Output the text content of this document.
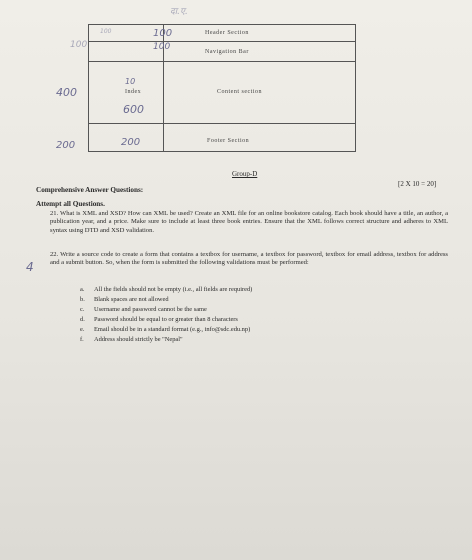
दा.ए.
100
100
400
200
Header Section
Navigation Bar
Index	Content section
Footer Section
100
100
10
600
200
Group-D
Comprehensive Answer Questions:
[2 X 10 = 20]
Attempt all Questions.
21. What is XML and XSD? How can XML be used? Create an XML file for an online bookstore catalog. Each book should have a title, an author, a publication year, and a price. Make sure to include at least three book entries. Ensure that the XML follows correct structure and adheres to XML syntax using DTD and XSD validation.
4
22. Write a source code to create a form that contains a textbox for username, a textbox for password, textbox for email address, textbox for address and a submit button. So, when the form is submitted the following validations must be performed:
a. All the fields should not be empty (i.e., all fields are required)
b. Blank spaces are not allowed
c. Username and password cannot be the same
d. Password should be equal to or greater than 8 characters
e. Email should be in a standard format (e.g., info@sdc.edu.np)
f. Address should strictly be "Nepal"
